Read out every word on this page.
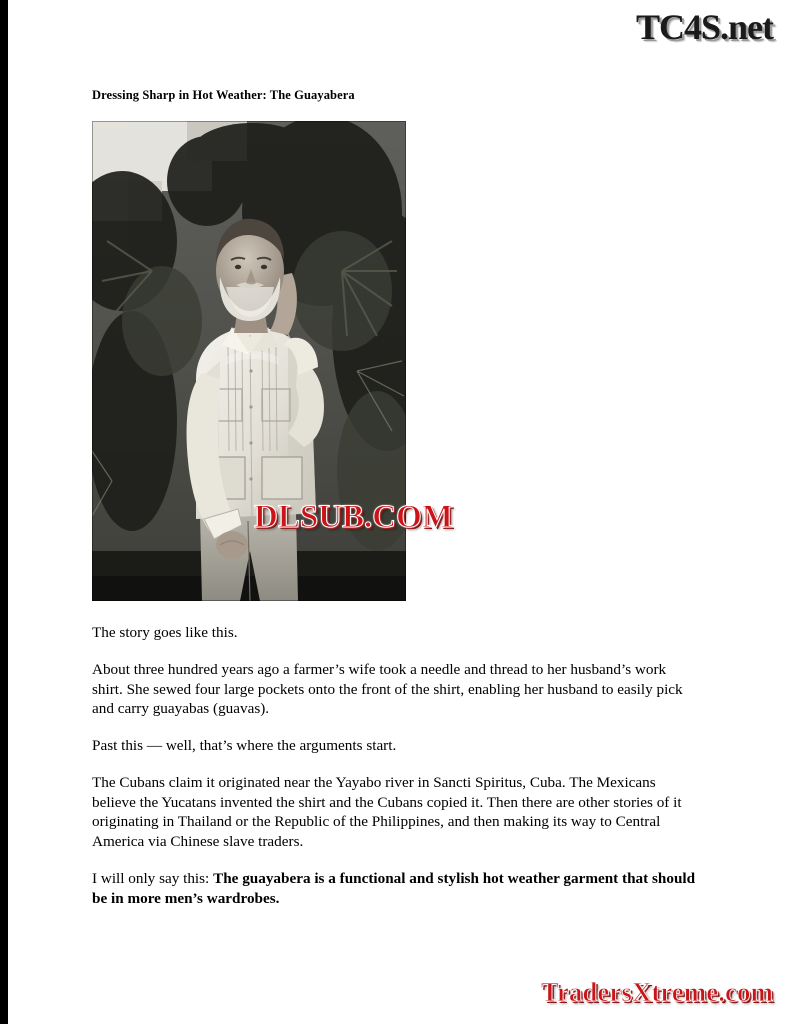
TC4S.net
Dressing Sharp in Hot Weather: The Guayabera
DLSUB.COM

The story goes like this.

About three hundred years ago a farmer’s wife took a needle and thread to her husband’s work shirt. She sewed four large pockets onto the front of the shirt, enabling her husband to easily pick and carry guayabas (guavas).

Past this — well, that’s where the arguments start.

The Cubans claim it originated near the Yayabo river in Sancti Spiritus, Cuba. The Mexicans believe the Yucatans invented the shirt and the Cubans copied it. Then there are other stories of it originating in Thailand or the Republic of the Philippines, and then making its way to Central America via Chinese slave traders.

I will only say this: The guayabera is a functional and stylish hot weather garment that should be in more men’s wardrobes.

TradersXtreme.com
